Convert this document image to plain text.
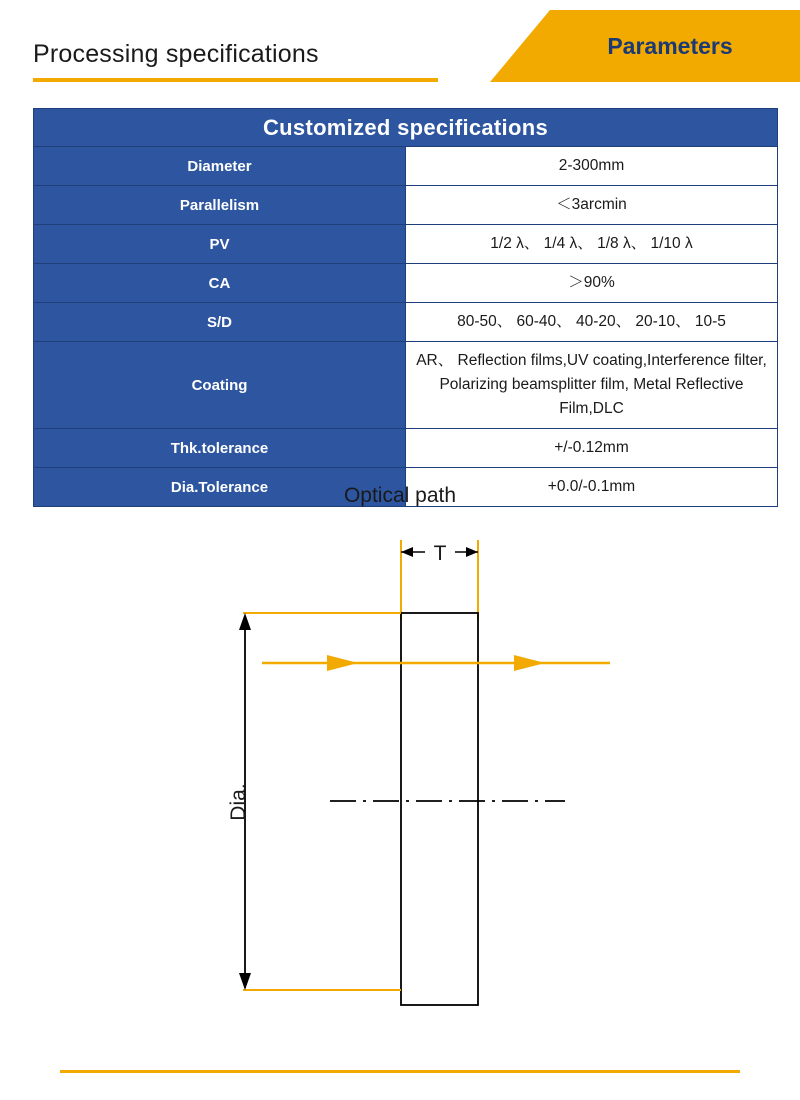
Processing specifications	Parameters
Customized specifications	
Diameter	2-300mm

Parallelism	＜3arcmin

PV	1/2 λ、 1/4 λ、 1/8 λ、 1/10 λ

CA	＞90%

S/D	80-50、 60-40、 40-20、 20-10、 10-5

Coating	AR、 Reflection films,UV coating,Interference filter,
Polarizing beamsplitter film, Metal Reflective Film,DLC

Thk.tolerance	+/-0.12mm

Dia.Tolerance	+0.0/-0.1mm
Optical path
T
Dia.
